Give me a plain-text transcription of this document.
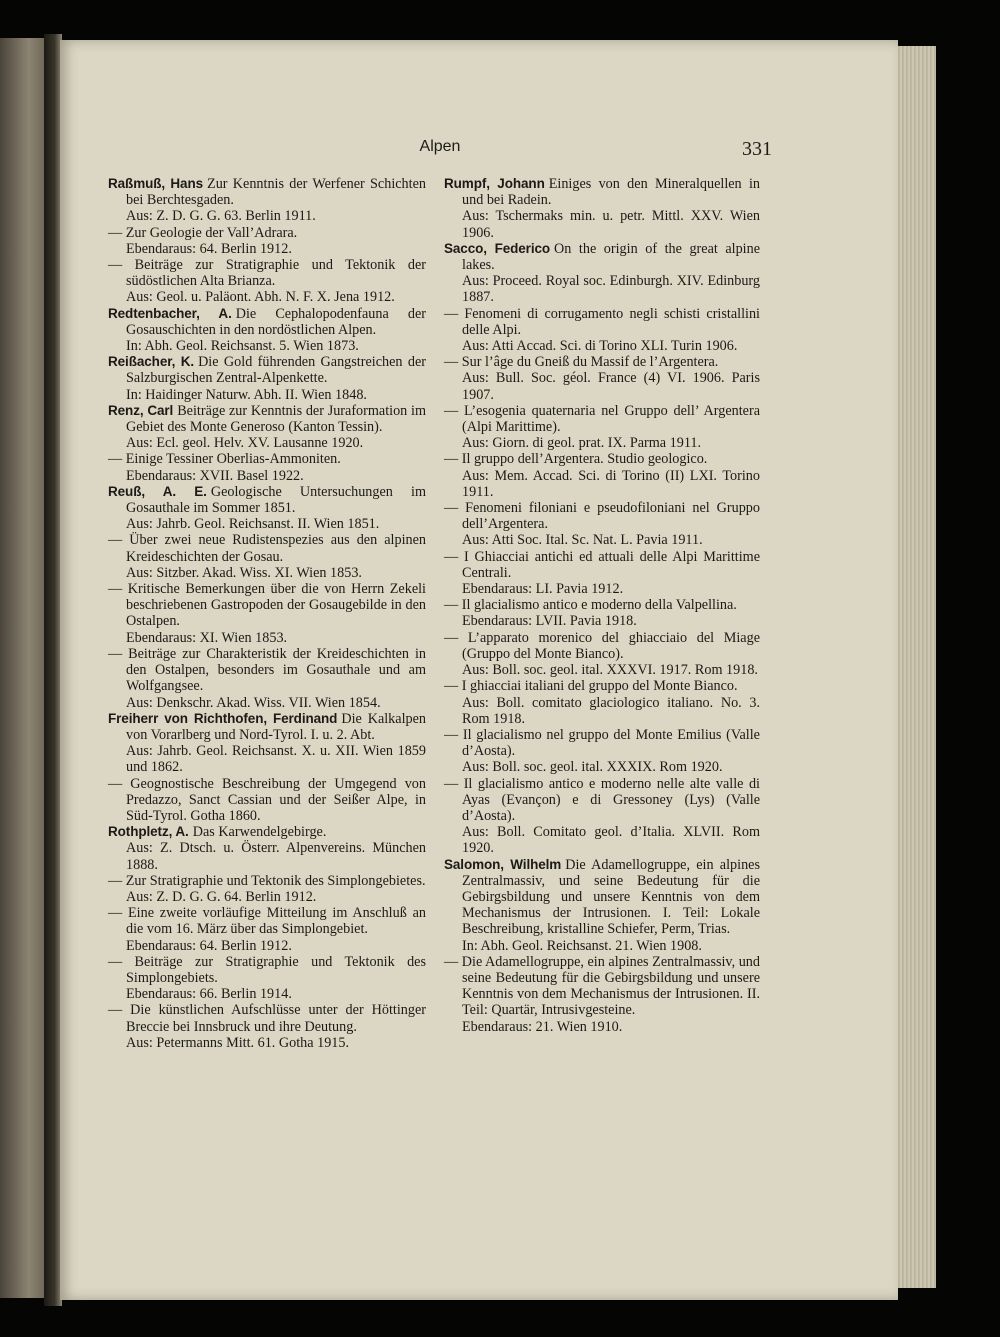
Alpen	331
Raßmuß, Hans Zur Kenntnis der Werfener Schichten bei Berchtesgaden.
Aus: Z. D. G. G. 63. Berlin 1911.
— Zur Geologie der Vall’Adrara.
Ebendaraus: 64. Berlin 1912.
— Beiträge zur Stratigraphie und Tektonik der südöstlichen Alta Brianza.
Aus: Geol. u. Paläont. Abh. N. F. X. Jena 1912.
Redtenbacher, A. Die Cephalopodenfauna der Gosauschichten in den nordöstlichen Alpen.
In: Abh. Geol. Reichsanst. 5. Wien 1873.
Reißacher, K. Die Gold führenden Gangstreichen der Salzburgischen Zentral-Alpenkette.
In: Haidinger Naturw. Abh. II. Wien 1848.
Renz, Carl Beiträge zur Kenntnis der Juraformation im Gebiet des Monte Generoso (Kanton Tessin).
Aus: Ecl. geol. Helv. XV. Lausanne 1920.
— Einige Tessiner Oberlias-Ammoniten.
Ebendaraus: XVII. Basel 1922.
Reuß, A. E. Geologische Untersuchungen im Gosauthale im Sommer 1851.
Aus: Jahrb. Geol. Reichsanst. II. Wien 1851.
— Über zwei neue Rudistenspezies aus den alpinen Kreideschichten der Gosau.
Aus: Sitzber. Akad. Wiss. XI. Wien 1853.
— Kritische Bemerkungen über die von Herrn Zekeli beschriebenen Gastropoden der Gosaugebilde in den Ostalpen.
Ebendaraus: XI. Wien 1853.
— Beiträge zur Charakteristik der Kreideschichten in den Ostalpen, besonders im Gosauthale und am Wolfgangsee.
Aus: Denkschr. Akad. Wiss. VII. Wien 1854.
Freiherr von Richthofen, Ferdinand Die Kalkalpen von Vorarlberg und Nord-Tyrol. I. u. 2. Abt.
Aus: Jahrb. Geol. Reichsanst. X. u. XII. Wien 1859 und 1862.
— Geognostische Beschreibung der Umgegend von Predazzo, Sanct Cassian und der Seißer Alpe, in Süd-Tyrol. Gotha 1860.
Rothpletz, A. Das Karwendelgebirge.
Aus: Z. Dtsch. u. Österr. Alpenvereins. München 1888.
— Zur Stratigraphie und Tektonik des Simplongebietes.
Aus: Z. D. G. G. 64. Berlin 1912.
— Eine zweite vorläufige Mitteilung im Anschluß an die vom 16. März über das Simplongebiet.
Ebendaraus: 64. Berlin 1912.
— Beiträge zur Stratigraphie und Tektonik des Simplongebiets.
Ebendaraus: 66. Berlin 1914.
— Die künstlichen Aufschlüsse unter der Höttinger Breccie bei Innsbruck und ihre Deutung.
Aus: Petermanns Mitt. 61. Gotha 1915.
Rumpf, Johann Einiges von den Mineralquellen in und bei Radein.
Aus: Tschermaks min. u. petr. Mittl. XXV. Wien 1906.
Sacco, Federico On the origin of the great alpine lakes.
Aus: Proceed. Royal soc. Edinburgh. XIV. Edinburg 1887.
— Fenomeni di corrugamento negli schisti cristallini delle Alpi.
Aus: Atti Accad. Sci. di Torino XLI. Turin 1906.
— Sur l’âge du Gneiß du Massif de l’Argentera.
Aus: Bull. Soc. géol. France (4) VI. 1906. Paris 1907.
— L’esogenia quaternaria nel Gruppo dell’ Argentera (Alpi Marittime).
Aus: Giorn. di geol. prat. IX. Parma 1911.
— Il gruppo dell’Argentera. Studio geologico.
Aus: Mem. Accad. Sci. di Torino (II) LXI. Torino 1911.
— Fenomeni filoniani e pseudofiloniani nel Gruppo dell’Argentera.
Aus: Atti Soc. Ital. Sc. Nat. L. Pavia 1911.
— I Ghiacciai antichi ed attuali delle Alpi Marittime Centrali.
Ebendaraus: LI. Pavia 1912.
— Il glacialismo antico e moderno della Valpellina.
Ebendaraus: LVII. Pavia 1918.
— L’apparato morenico del ghiacciaio del Miage (Gruppo del Monte Bianco).
Aus: Boll. soc. geol. ital. XXXVI. 1917. Rom 1918.
— I ghiacciai italiani del gruppo del Monte Bianco.
Aus: Boll. comitato glaciologico italiano. No. 3. Rom 1918.
— Il glacialismo nel gruppo del Monte Emilius (Valle d’Aosta).
Aus: Boll. soc. geol. ital. XXXIX. Rom 1920.
— Il glacialismo antico e moderno nelle alte valle di Ayas (Evançon) e di Gressoney (Lys) (Valle d’Aosta).
Aus: Boll. Comitato geol. d’Italia. XLVII. Rom 1920.
Salomon, Wilhelm Die Adamellogruppe, ein alpines Zentralmassiv, und seine Bedeutung für die Gebirgsbildung und unsere Kenntnis von dem Mechanismus der Intrusionen. I. Teil: Lokale Beschreibung, kristalline Schiefer, Perm, Trias.
In: Abh. Geol. Reichsanst. 21. Wien 1908.
— Die Adamellogruppe, ein alpines Zentralmassiv, und seine Bedeutung für die Gebirgsbildung und unsere Kenntnis von dem Mechanismus der Intrusionen. II. Teil: Quartär, Intrusivgesteine.
Ebendaraus: 21. Wien 1910.
